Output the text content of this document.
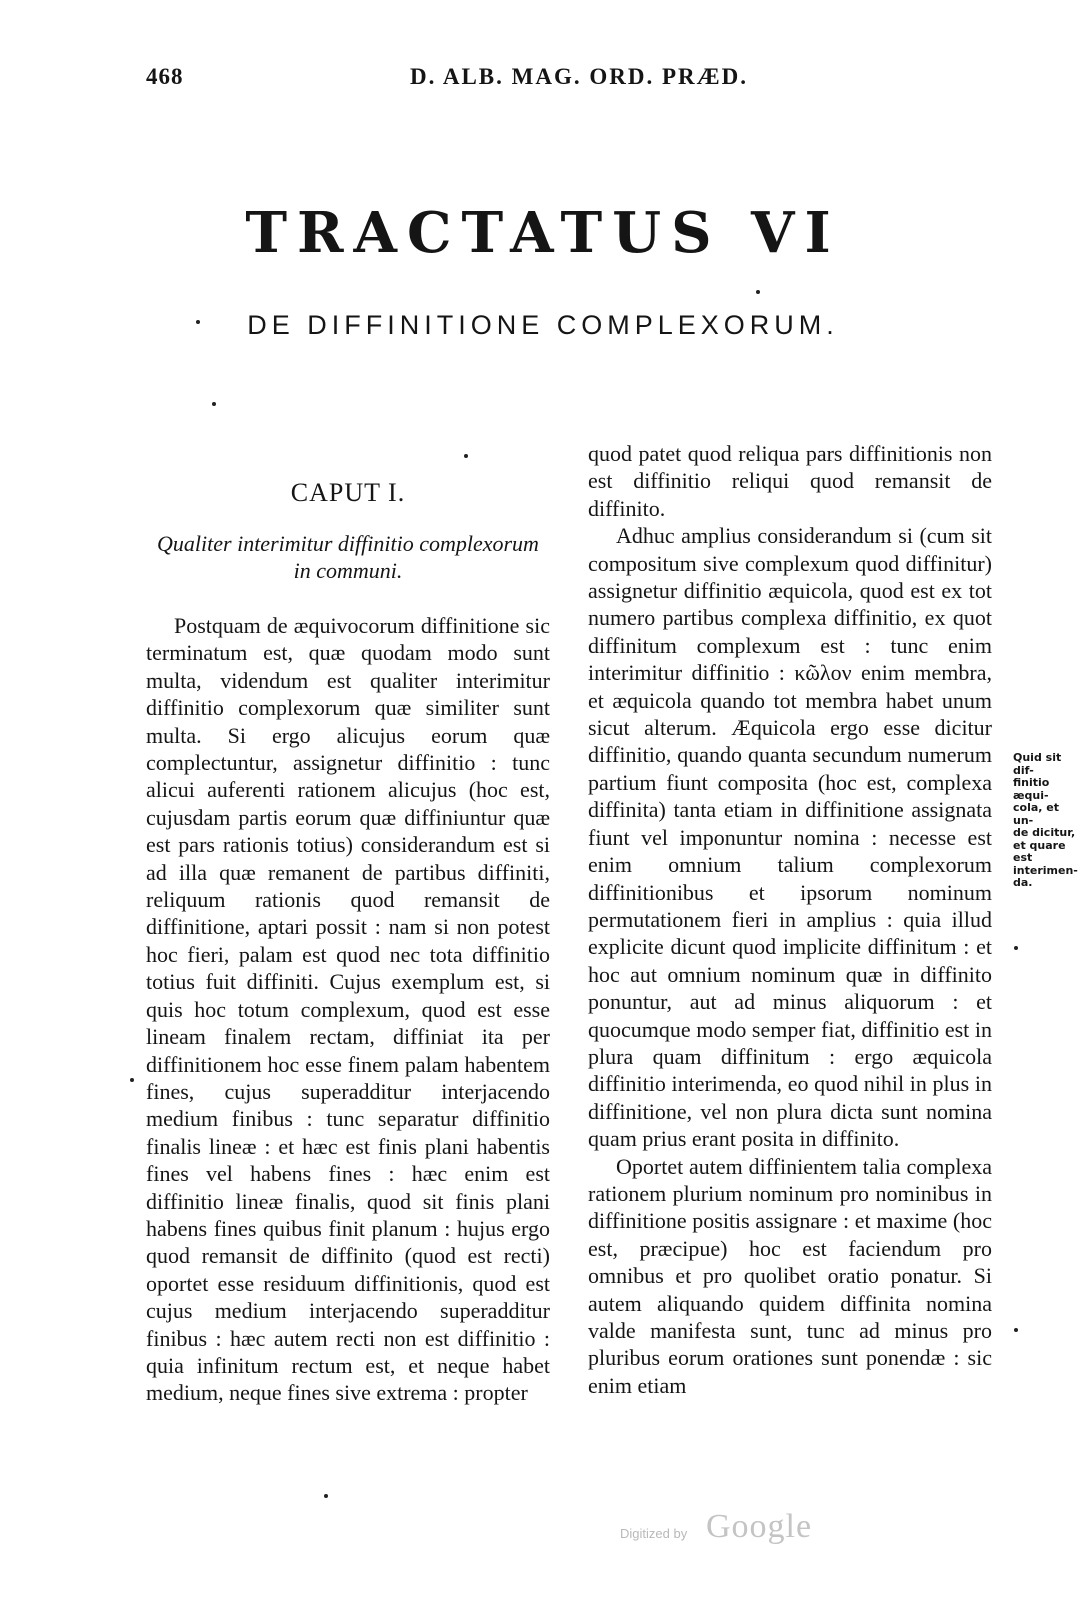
468	D. ALB. MAG. ORD. PRÆD.
TRACTATUS VI
DE DIFFINITIONE COMPLEXORUM.
CAPUT I.
Qualiter interimitur diffinitio complexorum in communi.

Postquam de æquivocorum diffinitione sic terminatum est, quæ quodam modo sunt multa, videndum est qualiter interimitur diffinitio complexorum quæ similiter sunt multa. Si ergo alicujus eorum quæ complectuntur, assignetur diffinitio : tunc alicui auferenti rationem alicujus (hoc est, cujusdam partis eorum quæ diffiniuntur quæ est pars rationis totius) considerandum est si ad illa quæ remanent de partibus diffiniti, reliquum rationis quod remansit de diffinitione, aptari possit : nam si non potest hoc fieri, palam est quod nec tota diffinitio totius fuit diffiniti. Cujus exemplum est, si quis hoc totum complexum, quod est esse lineam finalem rectam, diffiniat ita per diffinitionem hoc esse finem palam habentem fines, cujus superadditur interjacendo medium finibus : tunc separatur diffinitio finalis lineæ : et hæc est finis plani habentis fines vel habens fines : hæc enim est diffinitio lineæ finalis, quod sit finis plani habens fines quibus finit planum : hujus ergo quod remansit de diffinito (quod est recti) oportet esse residuum diffinitionis, quod est cujus medium interjacendo superadditur finibus : hæc autem recti non est diffinitio : quia infinitum rectum est, et neque habet medium, neque fines sive extrema : propter

quod patet quod reliqua pars diffinitionis non est diffinitio reliqui quod remansit de diffinito.

Adhuc amplius considerandum si (cum sit compositum sive complexum quod diffinitur) assignetur diffinitio æquicola, quod est ex tot numero partibus complexa diffinitio, ex quot diffinitum complexum est : tunc enim interimitur diffinitio : κῶλον enim membra, et æquicola quando tot membra habet unum sicut alterum. Æquicola ergo esse dicitur diffinitio, quando quanta secundum numerum partium fiunt composita (hoc est, complexa diffinita) tanta etiam in diffinitione assignata fiunt vel imponuntur nomina : necesse est enim omnium talium complexorum diffinitionibus et ipsorum nominum permutationem fieri in amplius : quia illud explicite dicunt quod implicite diffinitum : et hoc aut omnium nominum quæ in diffinito ponuntur, aut ad minus aliquorum : et quocumque modo semper fiat, diffinitio est in plura quam diffinitum : ergo æquicola diffinitio interimenda, eo quod nihil in plus in diffinitione, vel non plura dicta sunt nomina quam prius erant posita in diffinito.

Oportet autem diffinientem talia complexa rationem plurium nominum pro nominibus in diffinitione positis assignare : et maxime (hoc est, præcipue) hoc est faciendum pro omnibus et pro quolibet oratio ponatur. Si autem aliquando quidem diffinita nomina valde manifesta sunt, tunc ad minus pro pluribus eorum orationes sunt ponendæ : sic enim etiam

Quid sit dif-
finitio æqui-
cola, et un-
de dicitur,
et quare est
interimen-
da.
Digitized by Google
